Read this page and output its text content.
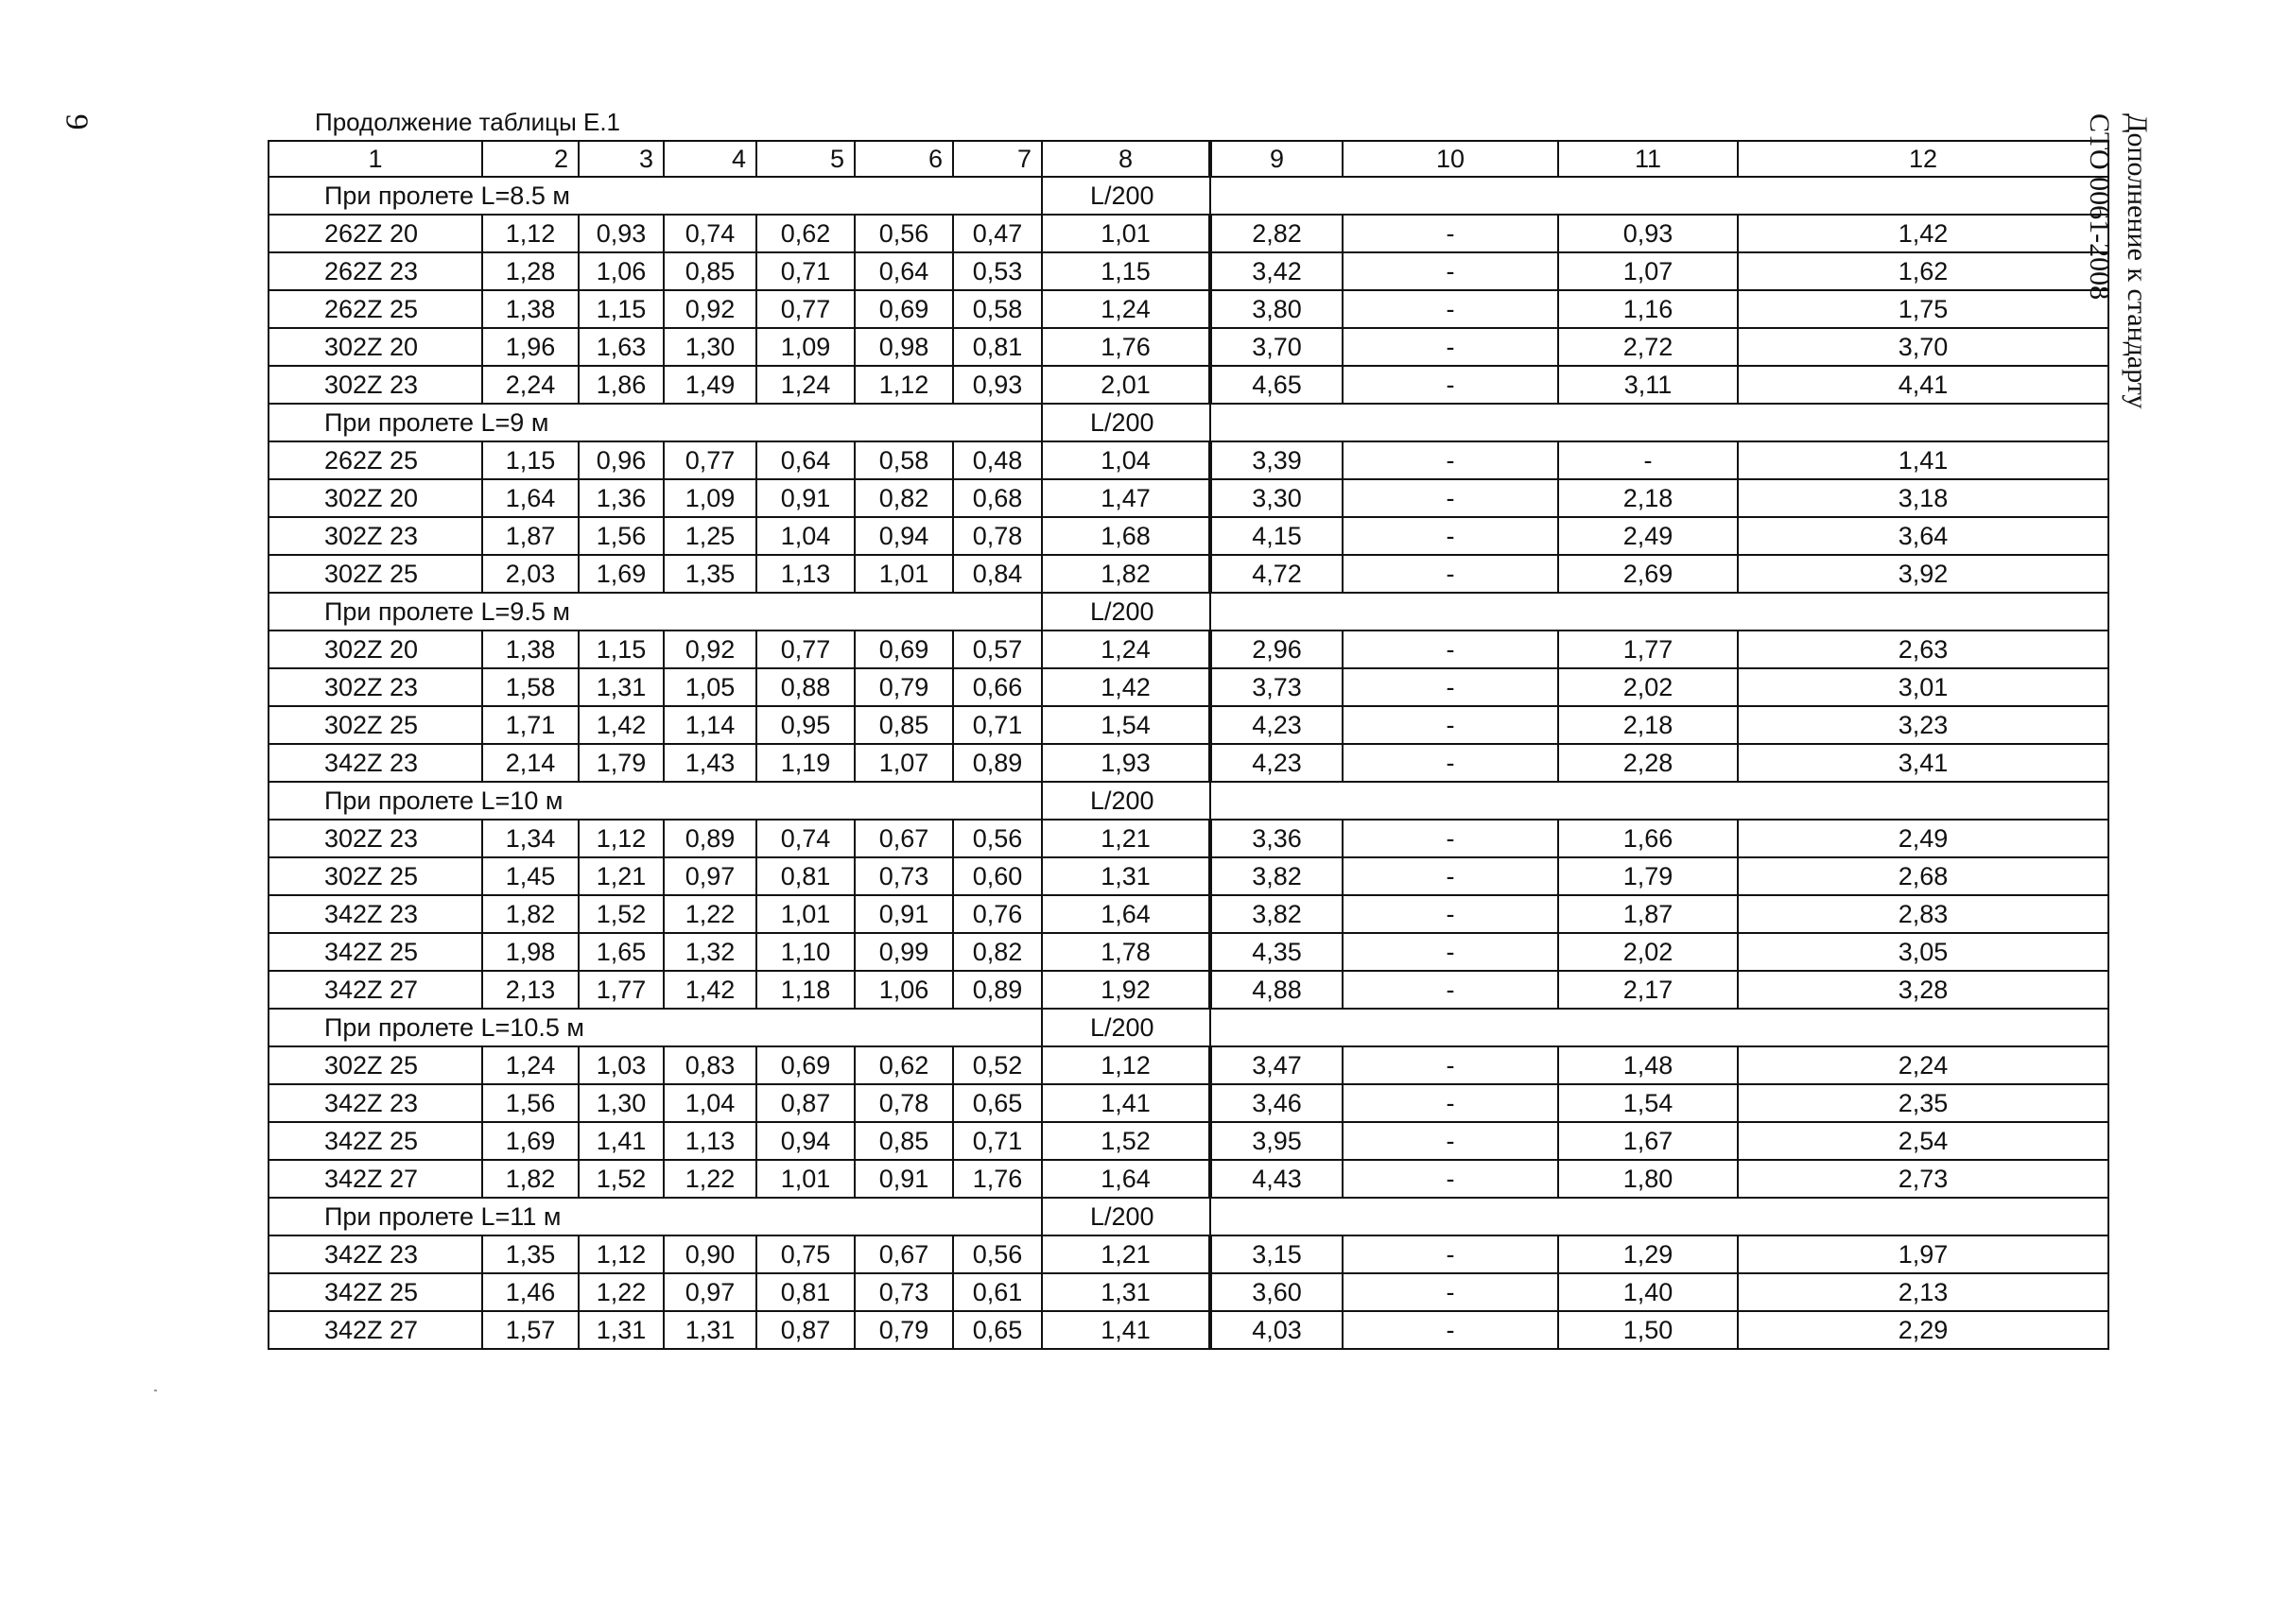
9	Дополнение к стандарту
СТО 0061-2008
Продолжение таблицы Е.1
1	2	3	4	5	6	7	8	9	10	11	12
При пролете L=8.5 м							L/200				
262Z 20	1,12	0,93	0,74	0,62	0,56	0,47	1,01	2,82	-	0,93	1,42
262Z 23	1,28	1,06	0,85	0,71	0,64	0,53	1,15	3,42	-	1,07	1,62
262Z 25	1,38	1,15	0,92	0,77	0,69	0,58	1,24	3,80	-	1,16	1,75
302Z 20	1,96	1,63	1,30	1,09	0,98	0,81	1,76	3,70	-	2,72	3,70
302Z 23	2,24	1,86	1,49	1,24	1,12	0,93	2,01	4,65	-	3,11	4,41
При пролете L=9 м							L/200				
262Z 25	1,15	0,96	0,77	0,64	0,58	0,48	1,04	3,39	-	-	1,41
302Z 20	1,64	1,36	1,09	0,91	0,82	0,68	1,47	3,30	-	2,18	3,18
302Z 23	1,87	1,56	1,25	1,04	0,94	0,78	1,68	4,15	-	2,49	3,64
302Z 25	2,03	1,69	1,35	1,13	1,01	0,84	1,82	4,72	-	2,69	3,92
При пролете L=9.5 м							L/200				
302Z 20	1,38	1,15	0,92	0,77	0,69	0,57	1,24	2,96	-	1,77	2,63
302Z 23	1,58	1,31	1,05	0,88	0,79	0,66	1,42	3,73	-	2,02	3,01
302Z 25	1,71	1,42	1,14	0,95	0,85	0,71	1,54	4,23	-	2,18	3,23
342Z 23	2,14	1,79	1,43	1,19	1,07	0,89	1,93	4,23	-	2,28	3,41
При пролете L=10 м							L/200				
302Z 23	1,34	1,12	0,89	0,74	0,67	0,56	1,21	3,36	-	1,66	2,49
302Z 25	1,45	1,21	0,97	0,81	0,73	0,60	1,31	3,82	-	1,79	2,68
342Z 23	1,82	1,52	1,22	1,01	0,91	0,76	1,64	3,82	-	1,87	2,83
342Z 25	1,98	1,65	1,32	1,10	0,99	0,82	1,78	4,35	-	2,02	3,05
342Z 27	2,13	1,77	1,42	1,18	1,06	0,89	1,92	4,88	-	2,17	3,28
При пролете L=10.5 м							L/200				
302Z 25	1,24	1,03	0,83	0,69	0,62	0,52	1,12	3,47	-	1,48	2,24
342Z 23	1,56	1,30	1,04	0,87	0,78	0,65	1,41	3,46	-	1,54	2,35
342Z 25	1,69	1,41	1,13	0,94	0,85	0,71	1,52	3,95	-	1,67	2,54
342Z 27	1,82	1,52	1,22	1,01	0,91	1,76	1,64	4,43	-	1,80	2,73
При пролете L=11 м							L/200				
342Z 23	1,35	1,12	0,90	0,75	0,67	0,56	1,21	3,15	-	1,29	1,97
342Z 25	1,46	1,22	0,97	0,81	0,73	0,61	1,31	3,60	-	1,40	2,13
342Z 27	1,57	1,31	1,31	0,87	0,79	0,65	1,41	4,03	-	1,50	2,29
